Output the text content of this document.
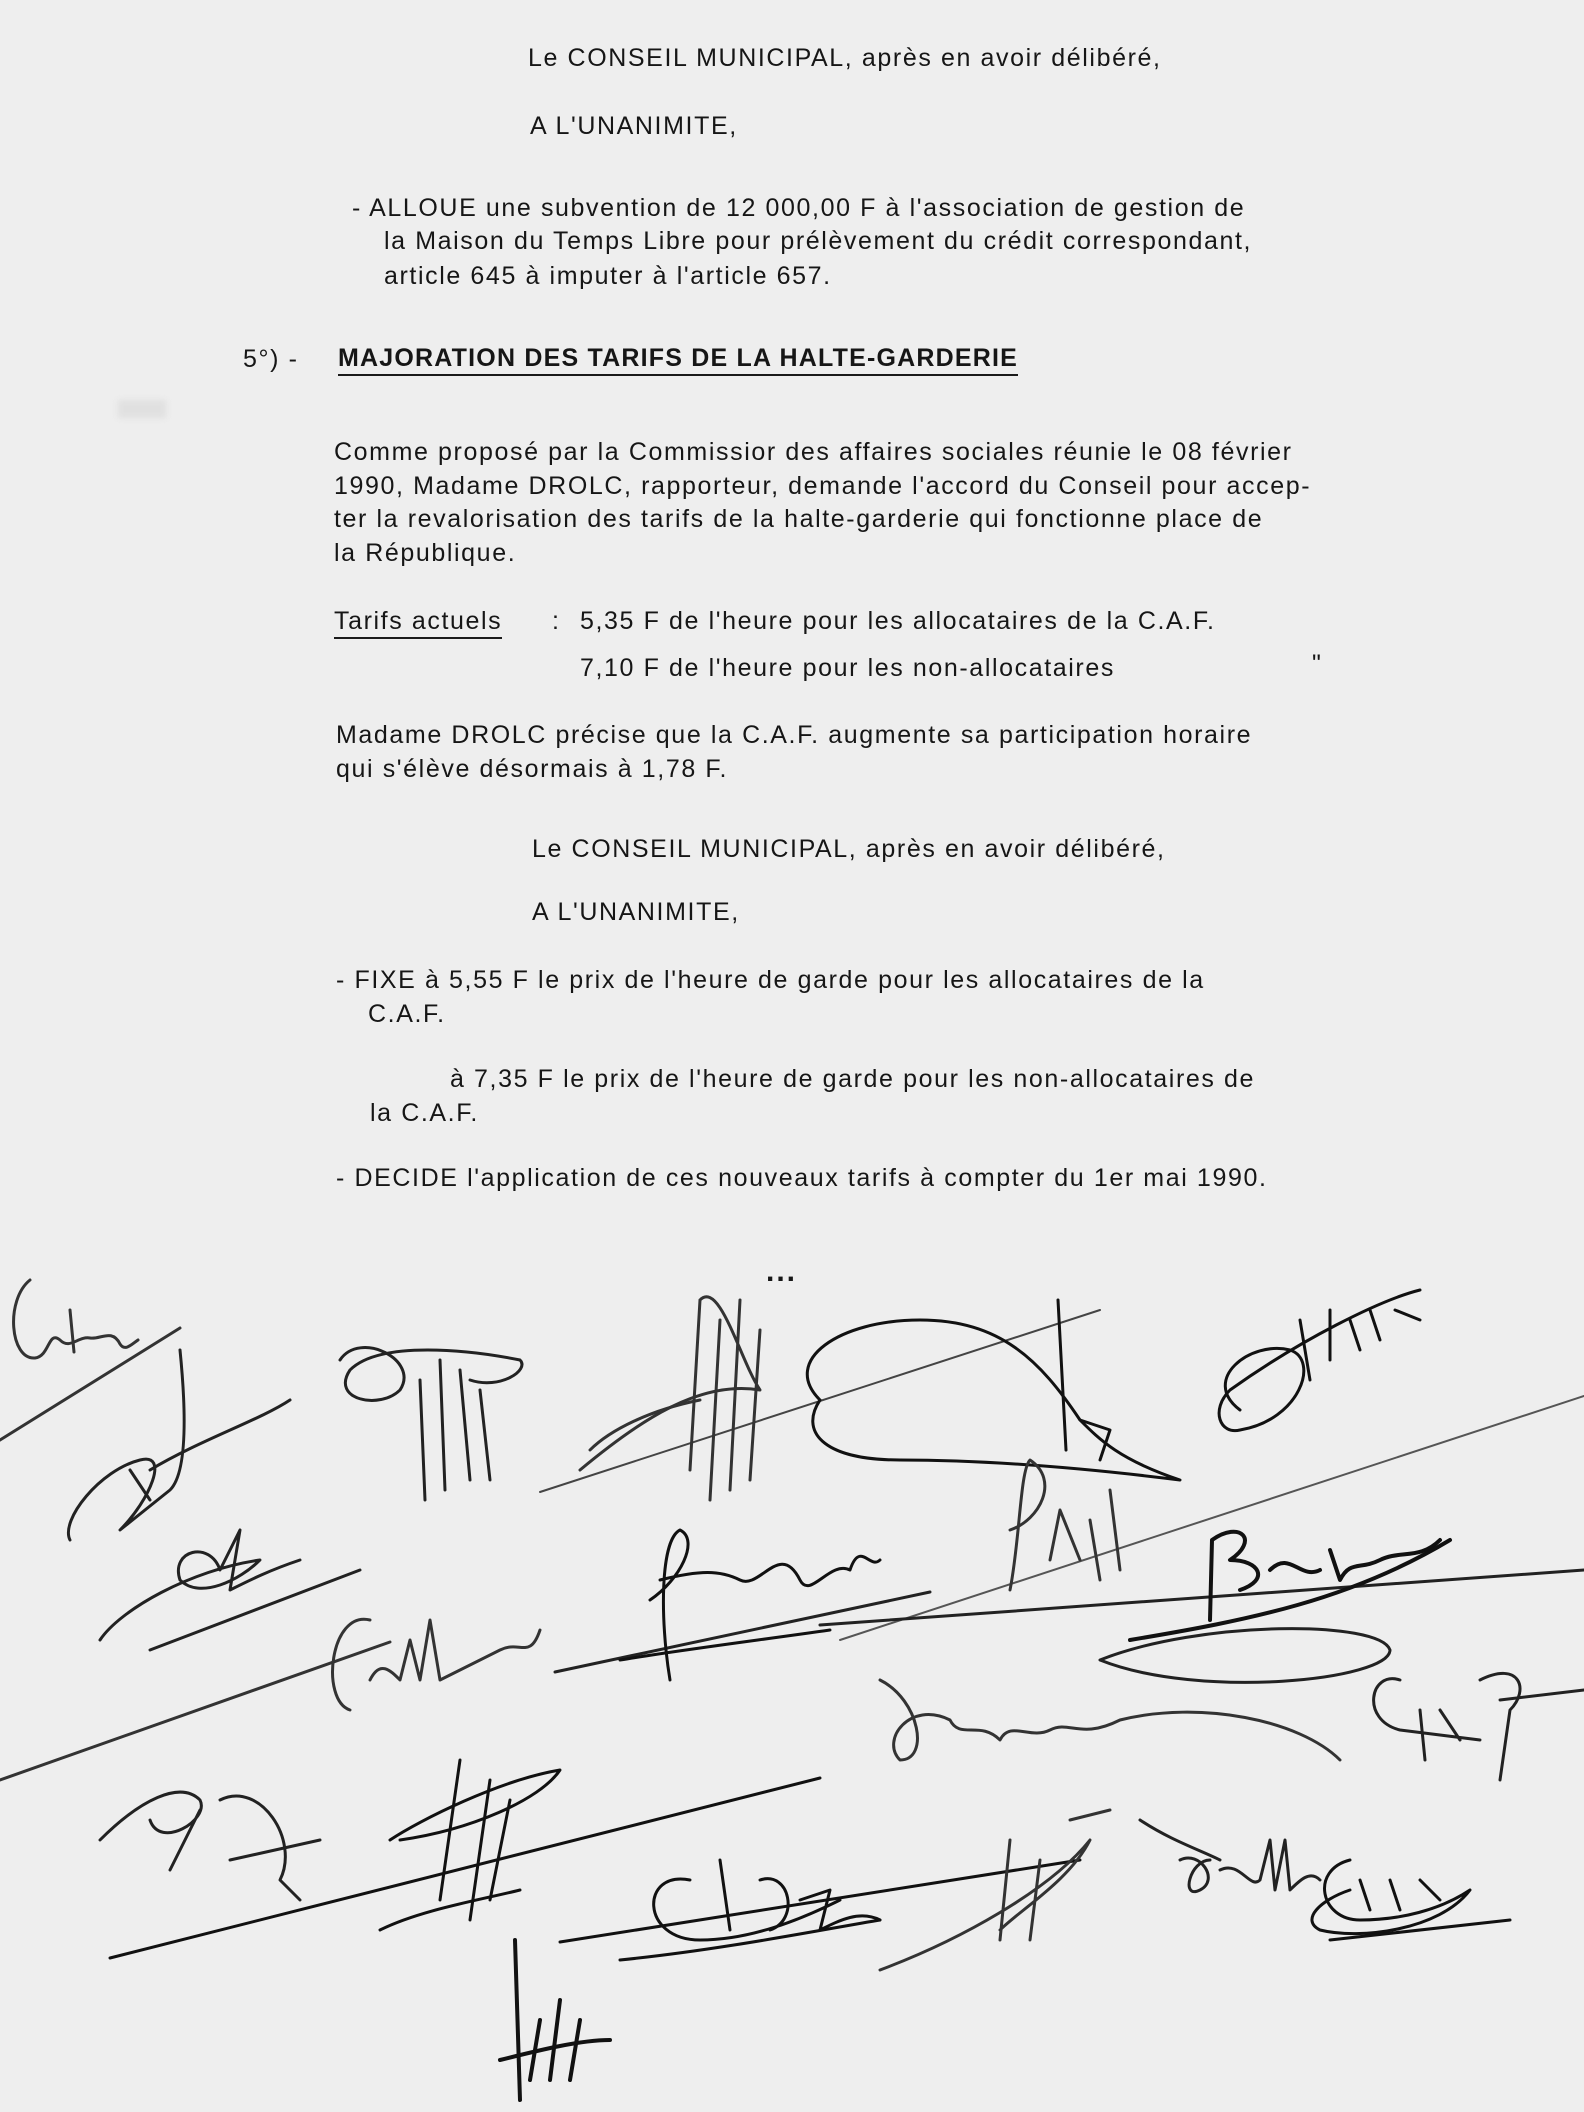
Le CONSEIL MUNICIPAL, après en avoir délibéré,
A L'UNANIMITE,
- ALLOUE une subvention de 12 000,00 F à l'association de gestion de
la Maison du Temps Libre pour prélèvement du crédit correspondant,
article 645 à imputer à l'article 657.
5°) - MAJORATION DES TARIFS DE LA HALTE-GARDERIE
Comme proposé par la Commissior des affaires sociales réunie le 08 février
1990, Madame DROLC, rapporteur, demande l'accord du Conseil pour accep-
ter la revalorisation des tarifs de la halte-garderie qui fonctionne place de
la République.
Tarifs actuels : 5,35 F de l'heure pour les allocataires de la C.A.F.
7,10 F de l'heure pour les non-allocataires	"
Madame DROLC précise que la C.A.F. augmente sa participation horaire
qui s'élève désormais à 1,78 F.
Le CONSEIL MUNICIPAL, après en avoir délibéré,
A L'UNANIMITE,
- FIXE à 5,55 F le prix de l'heure de garde pour les allocataires de la
C.A.F.
à 7,35 F le prix de l'heure de garde pour les non-allocataires de
la C.A.F.
- DECIDE l'application de ces nouveaux tarifs à compter du 1er mai 1990.
...
